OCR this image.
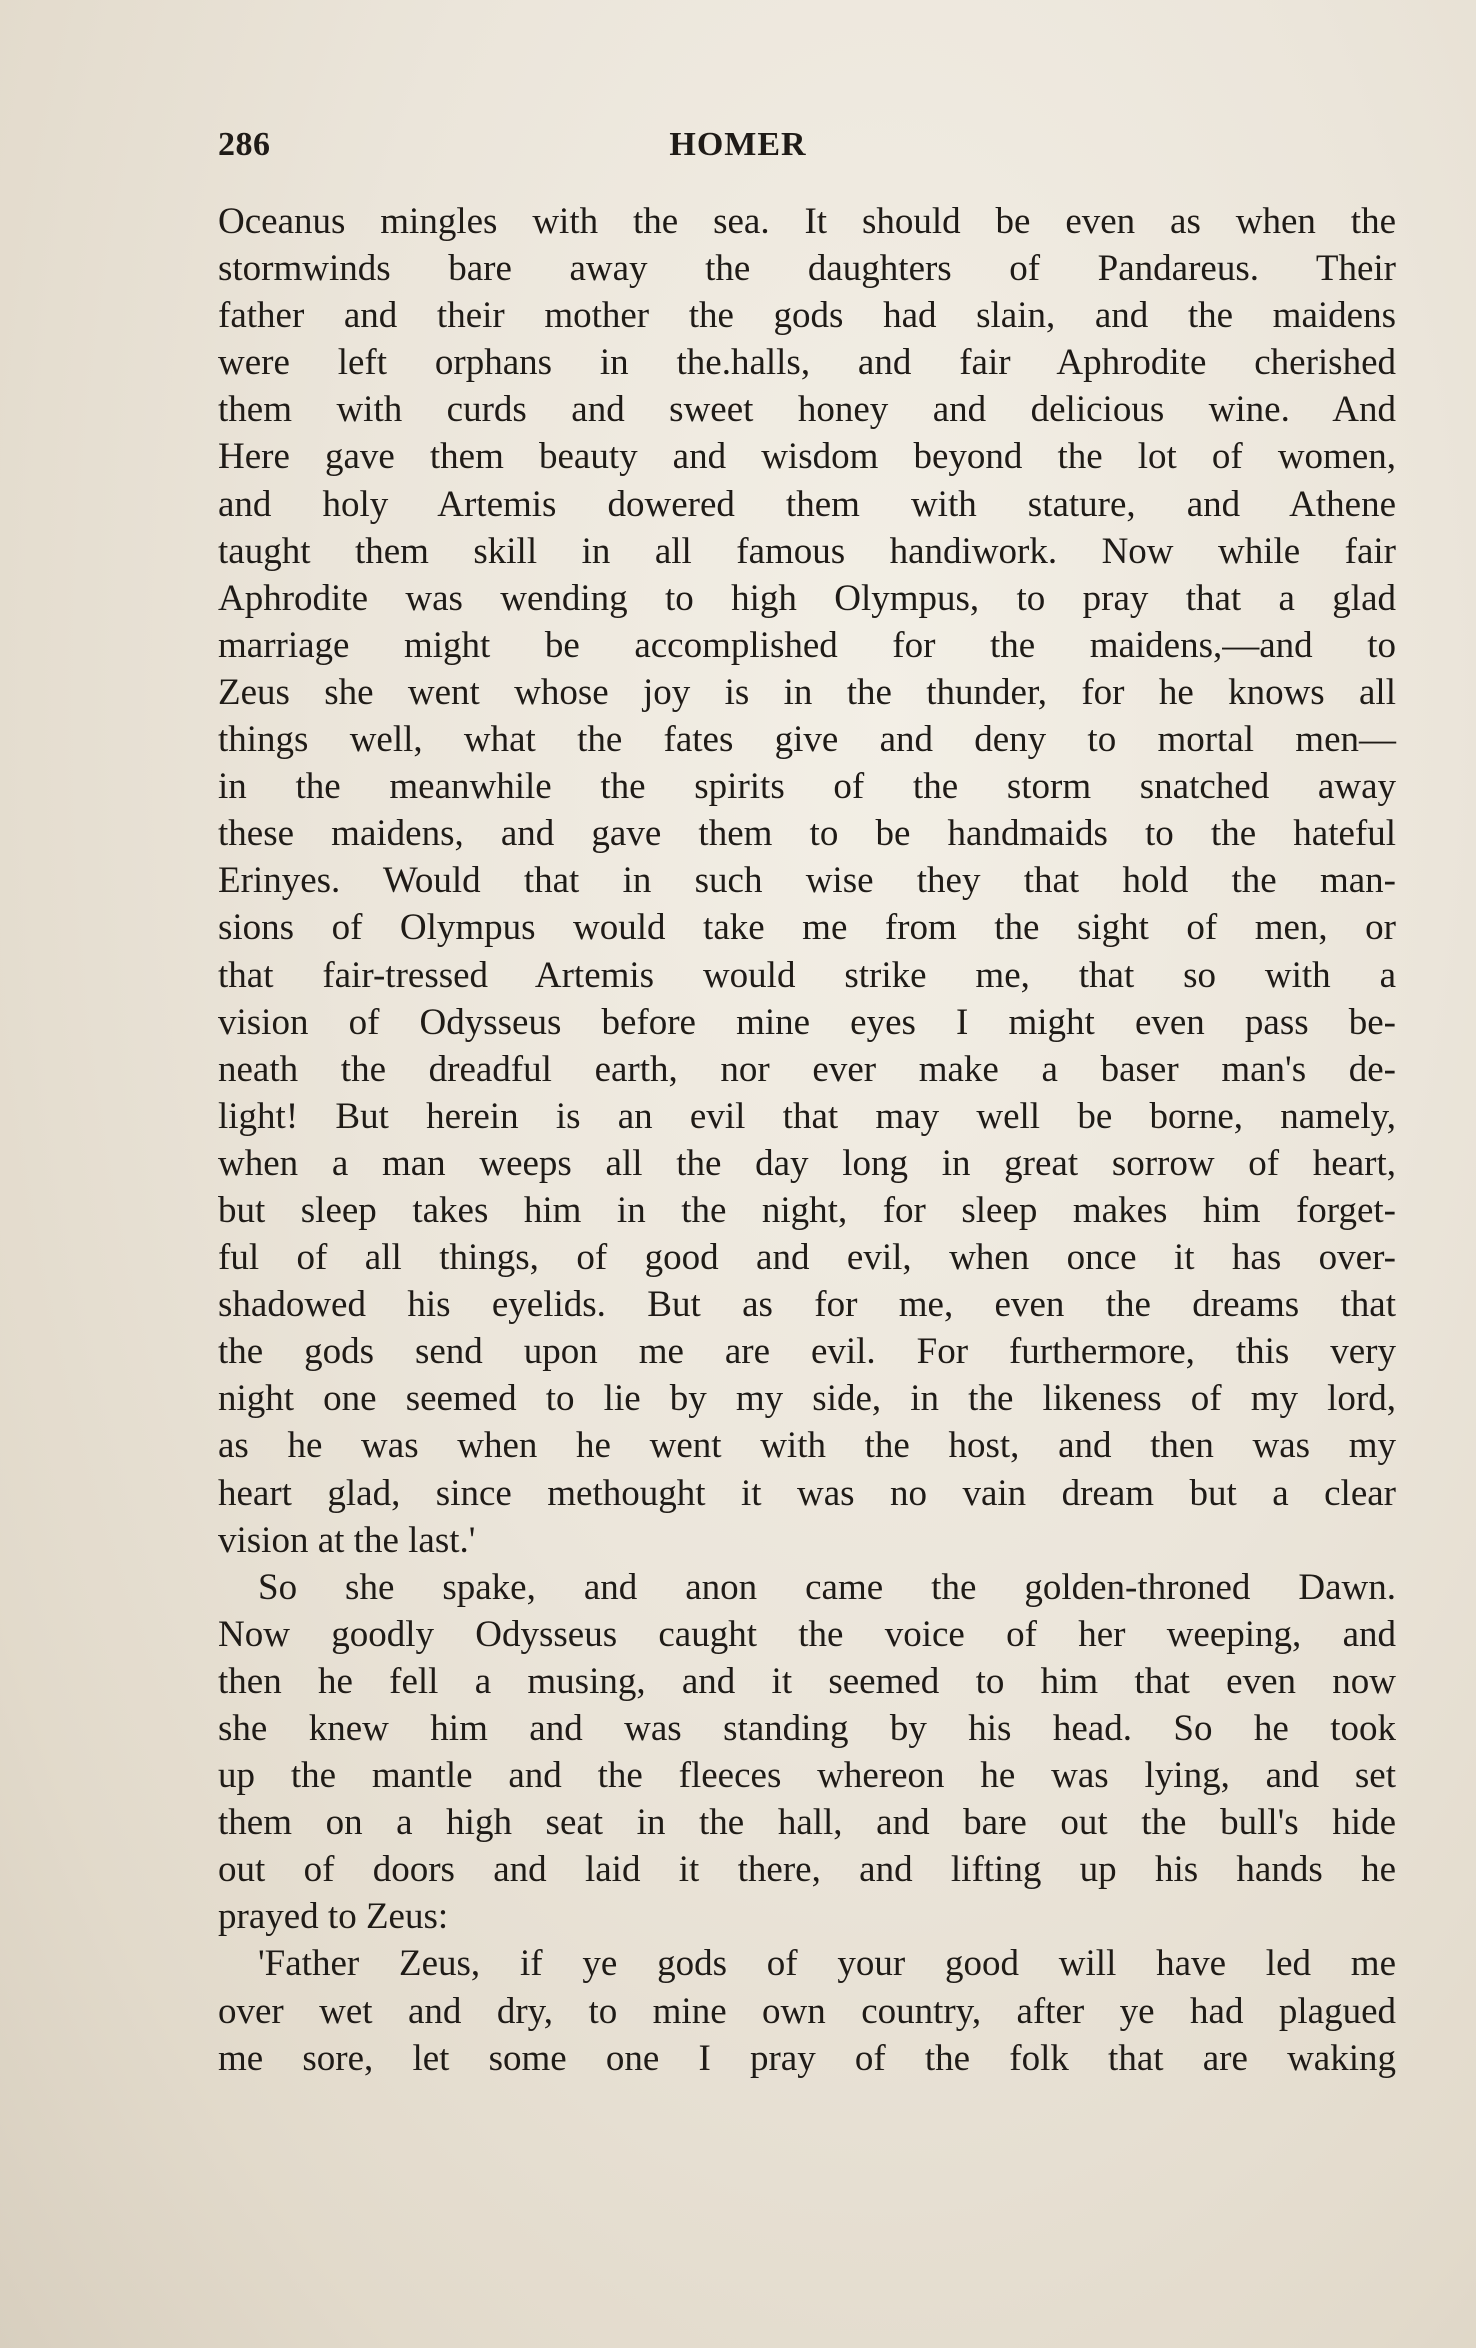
286	HOMER
Oceanus mingles with the sea. It should be even as when the
stormwinds bare away the daughters of Pandareus. Their
father and their mother the gods had slain, and the maidens
were left orphans in the.halls, and fair Aphrodite cherished
them with curds and sweet honey and delicious wine. And
Here gave them beauty and wisdom beyond the lot of women,
and holy Artemis dowered them with stature, and Athene
taught them skill in all famous handiwork. Now while fair
Aphrodite was wending to high Olympus, to pray that a glad
marriage might be accomplished for the maidens,—and to
Zeus she went whose joy is in the thunder, for he knows all
things well, what the fates give and deny to mortal men—
in the meanwhile the spirits of the storm snatched away
these maidens, and gave them to be handmaids to the hateful
Erinyes. Would that in such wise they that hold the man-
sions of Olympus would take me from the sight of men, or
that fair-tressed Artemis would strike me, that so with a
vision of Odysseus before mine eyes I might even pass be-
neath the dreadful earth, nor ever make a baser man's de-
light! But herein is an evil that may well be borne, namely,
when a man weeps all the day long in great sorrow of heart,
but sleep takes him in the night, for sleep makes him forget-
ful of all things, of good and evil, when once it has over-
shadowed his eyelids. But as for me, even the dreams that
the gods send upon me are evil. For furthermore, this very
night one seemed to lie by my side, in the likeness of my lord,
as he was when he went with the host, and then was my
heart glad, since methought it was no vain dream but a clear
vision at the last.'
So she spake, and anon came the golden-throned Dawn.
Now goodly Odysseus caught the voice of her weeping, and
then he fell a musing, and it seemed to him that even now
she knew him and was standing by his head. So he took
up the mantle and the fleeces whereon he was lying, and set
them on a high seat in the hall, and bare out the bull's hide
out of doors and laid it there, and lifting up his hands he
prayed to Zeus:
'Father Zeus, if ye gods of your good will have led me
over wet and dry, to mine own country, after ye had plagued
me sore, let some one I pray of the folk that are waking
